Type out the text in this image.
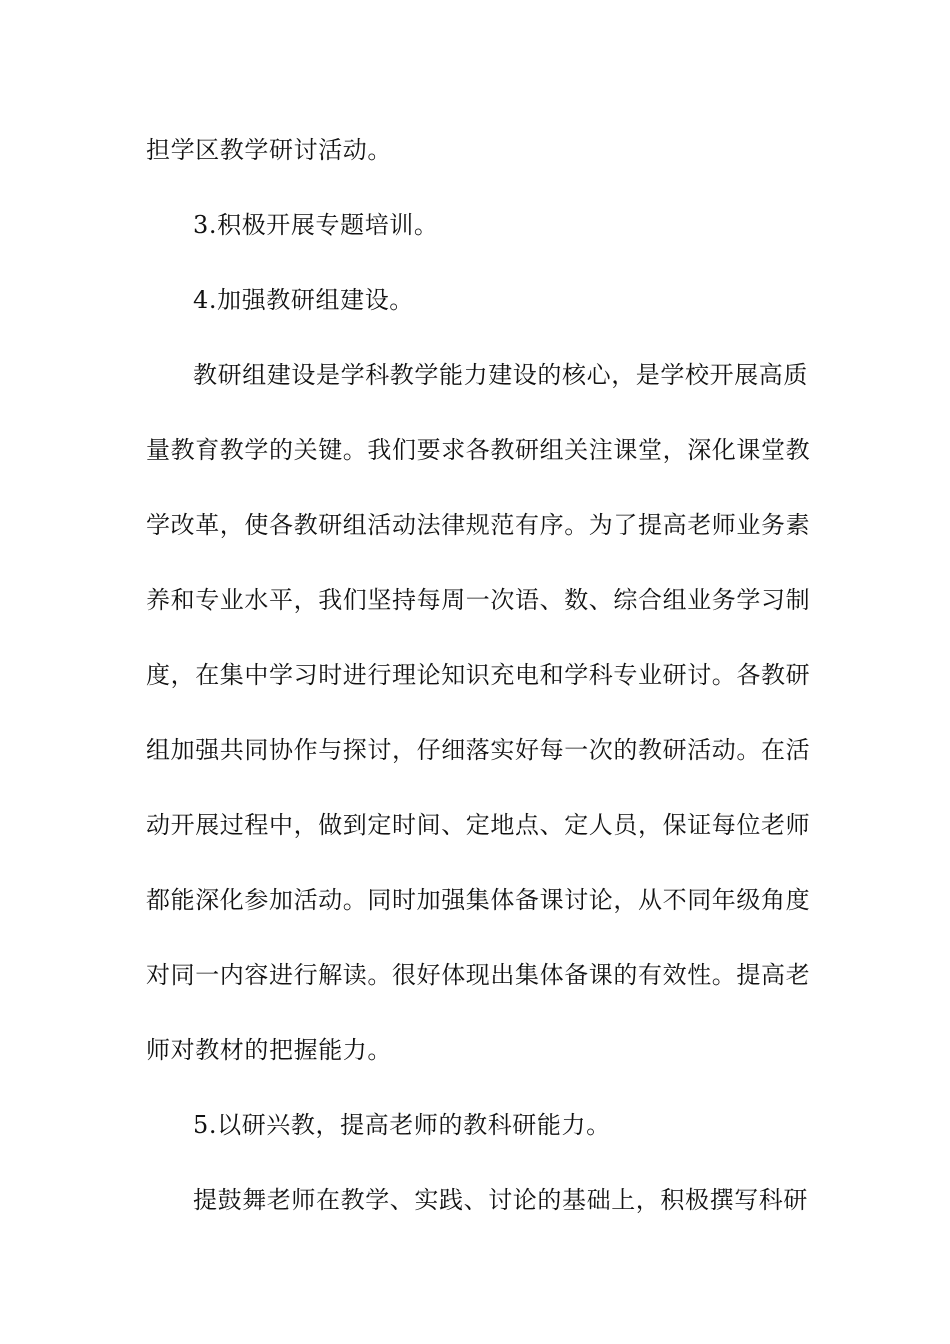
担学区教学研讨活动。
3.积极开展专题培训。
4.加强教研组建设。
教研组建设是学科教学能力建设的核心，是学校开展高质
量教育教学的关键。我们要求各教研组关注课堂，深化课堂教
学改革，使各教研组活动法律规范有序。为了提高老师业务素
养和专业水平，我们坚持每周一次语、数、综合组业务学习制
度，在集中学习时进行理论知识充电和学科专业研讨。各教研
组加强共同协作与探讨，仔细落实好每一次的教研活动。在活
动开展过程中，做到定时间、定地点、定人员，保证每位老师
都能深化参加活动。同时加强集体备课讨论，从不同年级角度
对同一内容进行解读。很好体现出集体备课的有效性。提高老
师对教材的把握能力。
5.以研兴教，提高老师的教科研能力。
提鼓舞老师在教学、实践、讨论的基础上，积极撰写科研
